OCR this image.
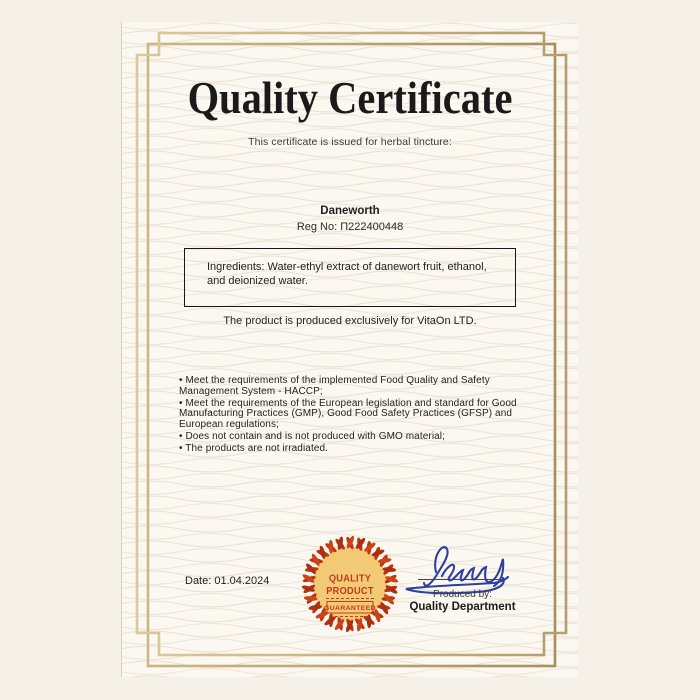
Quality Certificate
This certificate is issued for herbal tincture:
Daneworth
Reg No: П222400448
Ingredients: Water-ethyl extract of danewort fruit, ethanol, and deionized water.
The product is produced exclusively for VitaOn LTD.
• Meet the requirements of the implemented Food Quality and Safety Management System - HACCP;
• Meet the requirements of the European legislation and standard for Good Manufacturing Practices (GMP), Good Food Safety Practices (GFSP) and European regulations;
• Does not contain and is not produced with GMO material;
• The products are not irradiated.
Date: 01.04.2024	QUALITY
PRODUCT
GUARANTEED
Produced by:
Quality Department
